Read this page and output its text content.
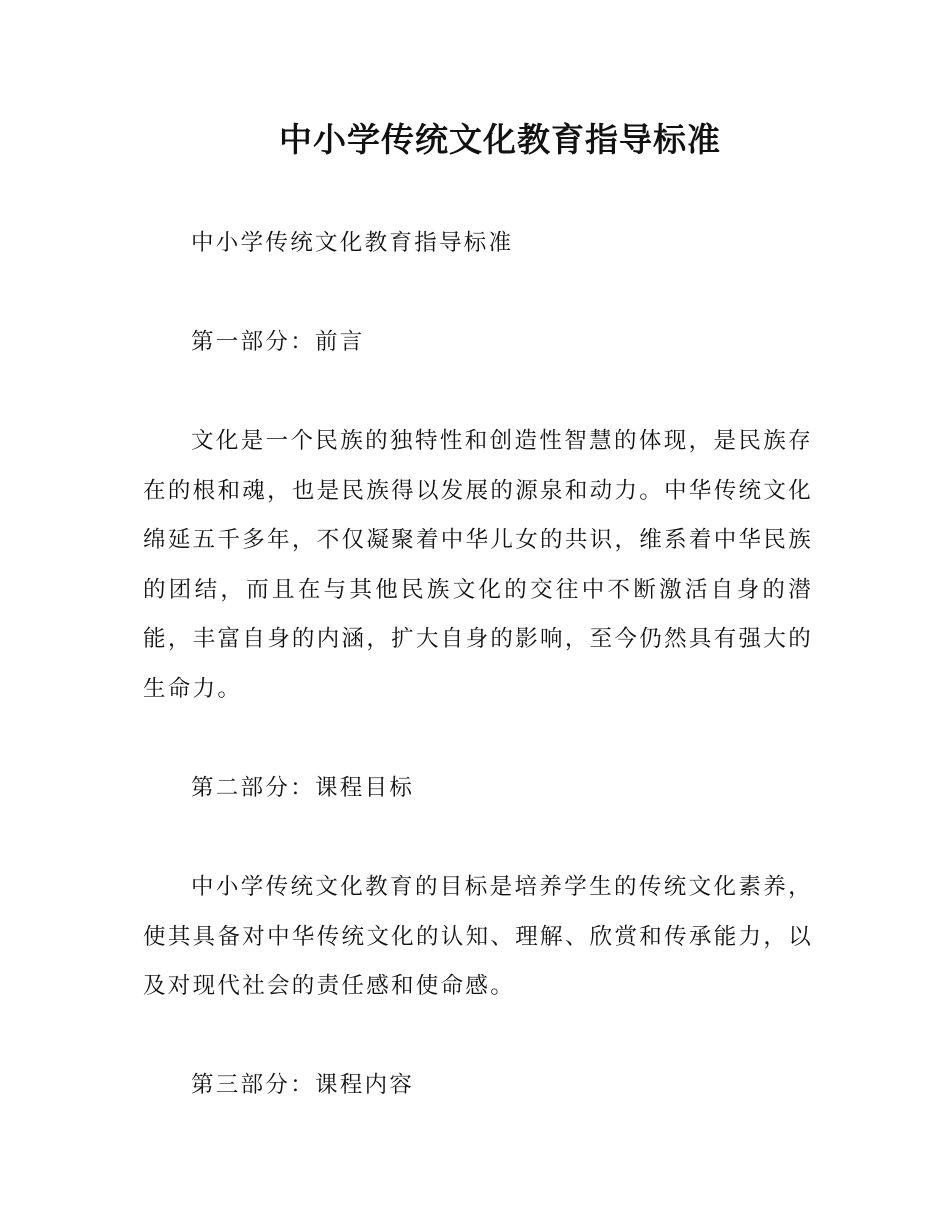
中小学传统文化教育指导标准

中小学传统文化教育指导标准

第一部分：前言

文化是一个民族的独特性和创造性智慧的体现，是民族存在的根和魂，也是民族得以发展的源泉和动力。中华传统文化绵延五千多年，不仅凝聚着中华儿女的共识，维系着中华民族的团结，而且在与其他民族文化的交往中不断激活自身的潜能，丰富自身的内涵，扩大自身的影响，至今仍然具有强大的生命力。

第二部分：课程目标

中小学传统文化教育的目标是培养学生的传统文化素养，使其具备对中华传统文化的认知、理解、欣赏和传承能力，以及对现代社会的责任感和使命感。

第三部分：课程内容
